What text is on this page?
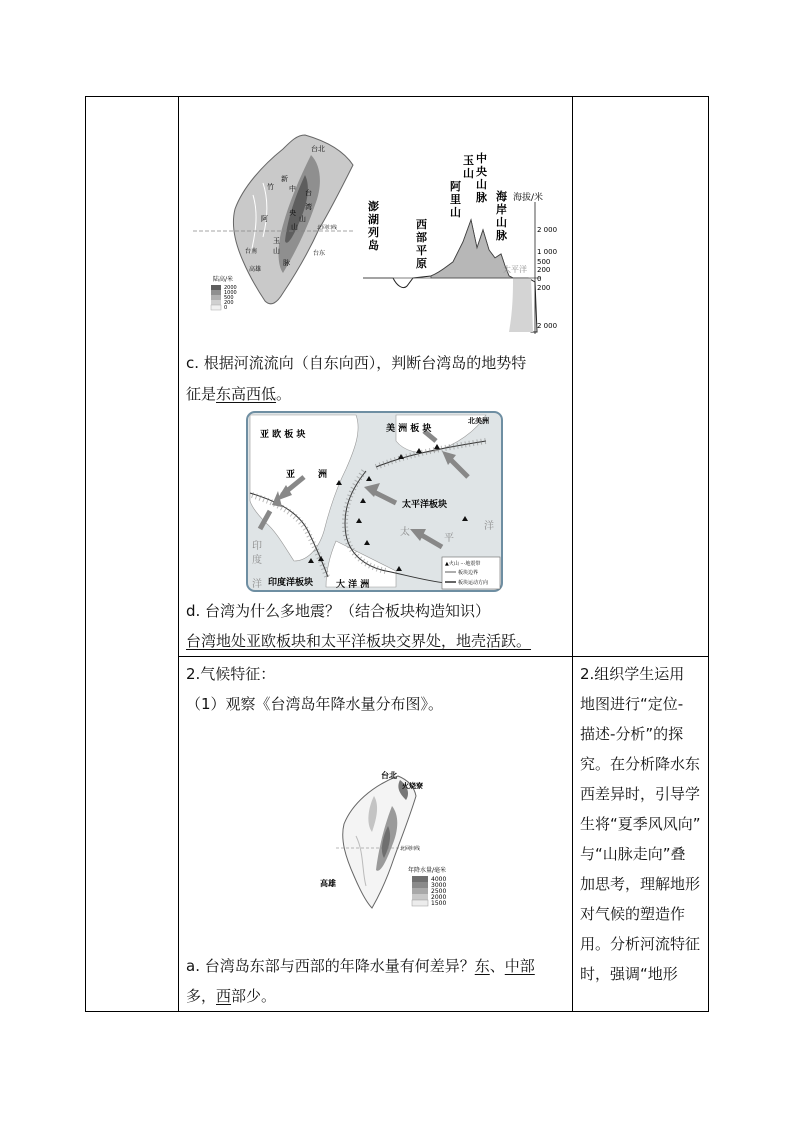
台北
新
竹 中 台
湾
山
央
山
脉
台南
高雄
玉
山	台东
北回归线
阿
陆高/米
2000
1000
500
200
0
澎湖列岛
西部平原
阿里山
玉山
中央山脉 海岸山脉
太平洋
海拔/米
2 000
1 000
500
200
0
200
2 000
c. 根据河流流向（自东向西），判断台湾岛的地势特
征是东高西低。
亚 欧 板 块
美 洲 板 块
北美洲
亚	洲
太平洋板块
印度洋板块	大 洋 洲
太
平
洋
印
度
洋
▲火山 ⋯地震带
板块边界
板块运动方向
d. 台湾为什么多地震？（结合板块构造知识）
台湾地处亚欧板块和太平洋板块交界处，地壳活跃。
2.气候特征：
（1）观察《台湾岛年降水量分布图》。
台北
火烧寮
北回归线
高雄
年降水量/毫米
4000
3000
2500
2000
1500
a. 台湾岛东部与西部的年降水量有何差异？东、中部
多，西部少。
2.组织学生运用
地图进行“定位-
描述-分析”的探
究。在分析降水东
西差异时，引导学
生将“夏季风风向”
与“山脉走向”叠
加思考，理解地形
对气候的塑造作
用。分析河流特征
时，强调“地形
